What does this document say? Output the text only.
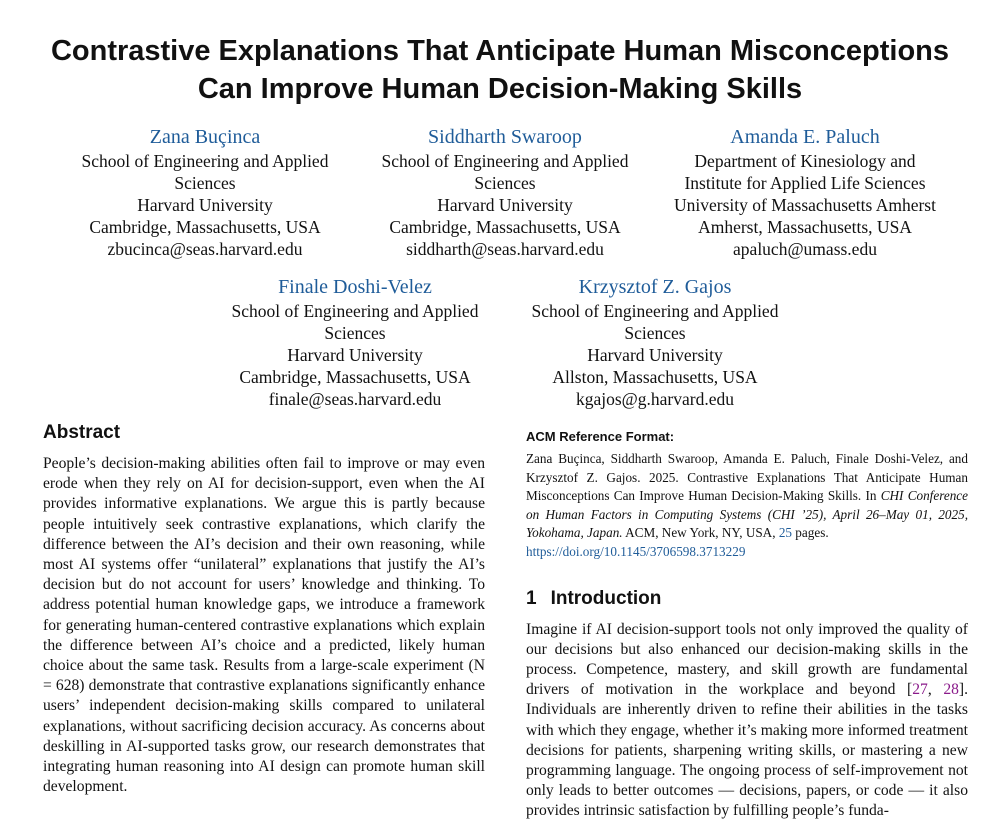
Contrastive Explanations That Anticipate Human Misconceptions
Can Improve Human Decision-Making Skills
Zana Buçinca
School of Engineering and Applied
Sciences
Harvard University
Cambridge, Massachusetts, USA
zbucinca@seas.harvard.edu
Siddharth Swaroop
School of Engineering and Applied
Sciences
Harvard University
Cambridge, Massachusetts, USA
siddharth@seas.harvard.edu
Amanda E. Paluch
Department of Kinesiology and
Institute for Applied Life Sciences
University of Massachusetts Amherst
Amherst, Massachusetts, USA
apaluch@umass.edu
Finale Doshi-Velez
School of Engineering and Applied
Sciences
Harvard University
Cambridge, Massachusetts, USA
finale@seas.harvard.edu
Krzysztof Z. Gajos
School of Engineering and Applied
Sciences
Harvard University
Allston, Massachusetts, USA
kgajos@g.harvard.edu
Abstract

People’s decision-making abilities often fail to improve or may even erode when they rely on AI for decision-support, even when the AI provides informative explanations. We argue this is partly because people intuitively seek contrastive explanations, which clarify the difference between the AI’s decision and their own reasoning, while most AI systems offer “unilateral” explanations that justify the AI’s decision but do not account for users’ knowledge and thinking. To address potential human knowledge gaps, we introduce a framework for generating human-centered contrastive explanations which explain the difference between AI’s choice and a predicted, likely human choice about the same task. Results from a large-scale experiment (N = 628) demonstrate that contrastive explanations significantly enhance users’ independent decision-making skills compared to unilateral explanations, without sacrificing decision accuracy. As concerns about deskilling in AI-supported tasks grow, our research demonstrates that integrating human reasoning into AI design can promote human skill development.

ACM Reference Format:

Zana Buçinca, Siddharth Swaroop, Amanda E. Paluch, Finale Doshi-Velez, and Krzysztof Z. Gajos. 2025. Contrastive Explanations That Anticipate Human Misconceptions Can Improve Human Decision-Making Skills. In CHI Conference on Human Factors in Computing Systems (CHI ’25), April 26–May 01, 2025, Yokohama, Japan. ACM, New York, NY, USA, 25 pages.
https://doi.org/10.1145/3706598.3713229

1 Introduction

Imagine if AI decision-support tools not only improved the quality of our decisions but also enhanced our decision-making skills in the process. Competence, mastery, and skill growth are fundamental drivers of motivation in the workplace and beyond [27, 28]. Individuals are inherently driven to refine their abilities in the tasks with which they engage, whether it’s making more informed treatment decisions for patients, sharpening writing skills, or mastering a new programming language. The ongoing process of self-improvement not only leads to better outcomes — decisions, papers, or code — it also provides intrinsic satisfaction by fulfilling people’s funda-
